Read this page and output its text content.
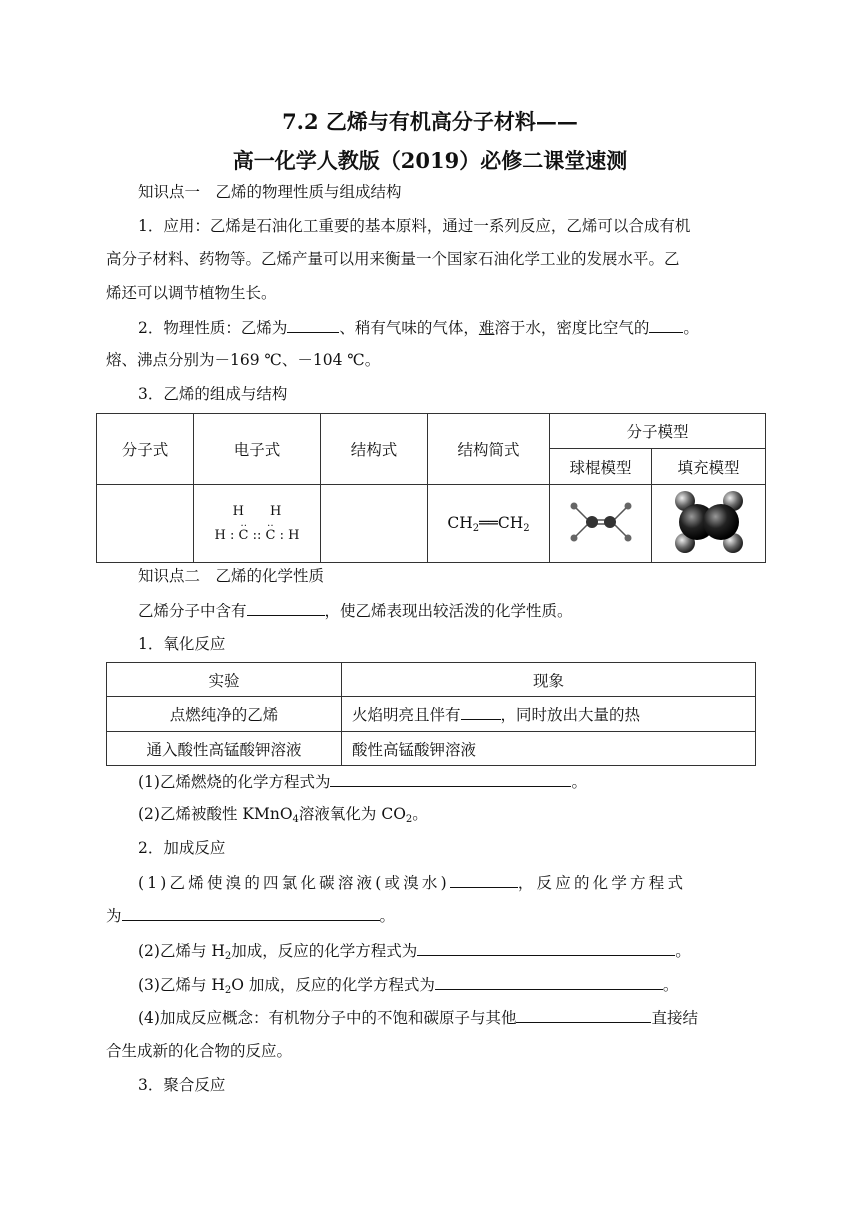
7.2 乙烯与有机高分子材料——
高一化学人教版（2019）必修二课堂速测
知识点一　乙烯的物理性质与组成结构
1．应用：乙烯是石油化工重要的基本原料，通过一系列反应，乙烯可以合成有机
高分子材料、药物等。乙烯产量可以用来衡量一个国家石油化学工业的发展水平。乙
烯还可以调节植物生长。
2．物理性质：乙烯为	、稍有气味的气体，难溶于水，密度比空气的 。
熔、沸点分别为－169 ℃、－104 ℃。
3．乙烯的组成与结构
分子式	电子式	结构式	结构简式	分子模型	
				球棍模型	填充模型

	H　　H
‥　　‥
H : C :: C : H		$CH_2══CH_2$		
知识点二　乙烯的化学性质
乙烯分子中含有	，使乙烯表现出较活泼的化学性质。
1．氧化反应
实验	现象
点燃纯净的乙烯	火焰明亮且伴有 ，同时放出大量的热
通入酸性高锰酸钾溶液	酸性高锰酸钾溶液
(1)乙烯燃烧的化学方程式为	。
(2)乙烯被酸性 KMnO$_4$溶液氧化为 $CO_2$。
2．加成反应
(1)乙烯使溴的四氯化碳溶液(或溴水)	，反应的化学方程式
为	。
(2)乙烯与 $H_2$加成，反应的化学方程式为	。
(3)乙烯与 $H_2O$ 加成，反应的化学方程式为	。
(4)加成反应概念：有机物分子中的不饱和碳原子与其他	直接结
合生成新的化合物的反应。
3．聚合反应
